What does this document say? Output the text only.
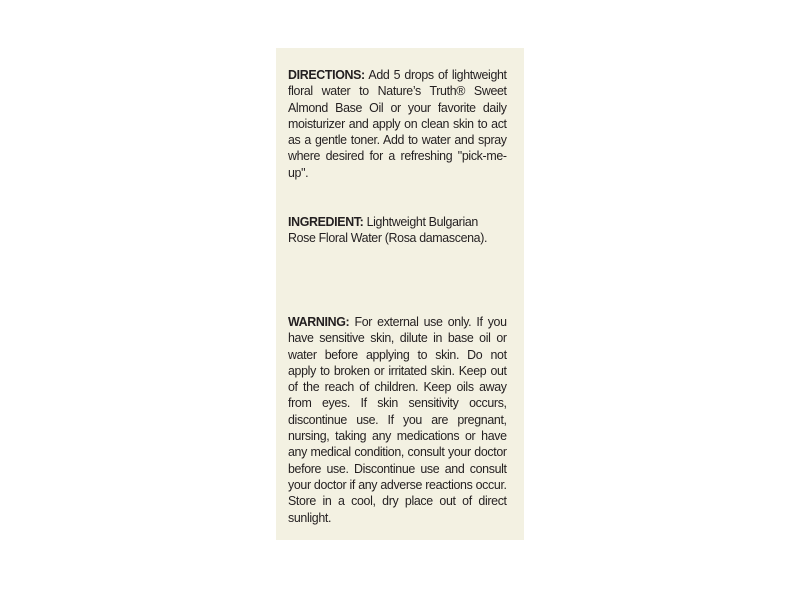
DIRECTIONS: Add 5 drops of lightweight floral water to Nature’s Truth® Sweet Almond Base Oil or your favorite daily moisturizer and apply on clean skin to act as a gentle toner. Add to water and spray where desired for a refreshing "pick-me-up".

INGREDIENT: Lightweight Bulgarian Rose Floral Water (Rosa damascena).

WARNING: For external use only. If you have sensitive skin, dilute in base oil or water before applying to skin. Do not apply to broken or irritated skin. Keep out of the reach of children. Keep oils away from eyes. If skin sensitivity occurs, discontinue use. If you are pregnant, nursing, taking any medications or have any medical condition, consult your doctor before use. Discontinue use and consult your doctor if any adverse reactions occur. Store in a cool, dry place out of direct sunlight.
